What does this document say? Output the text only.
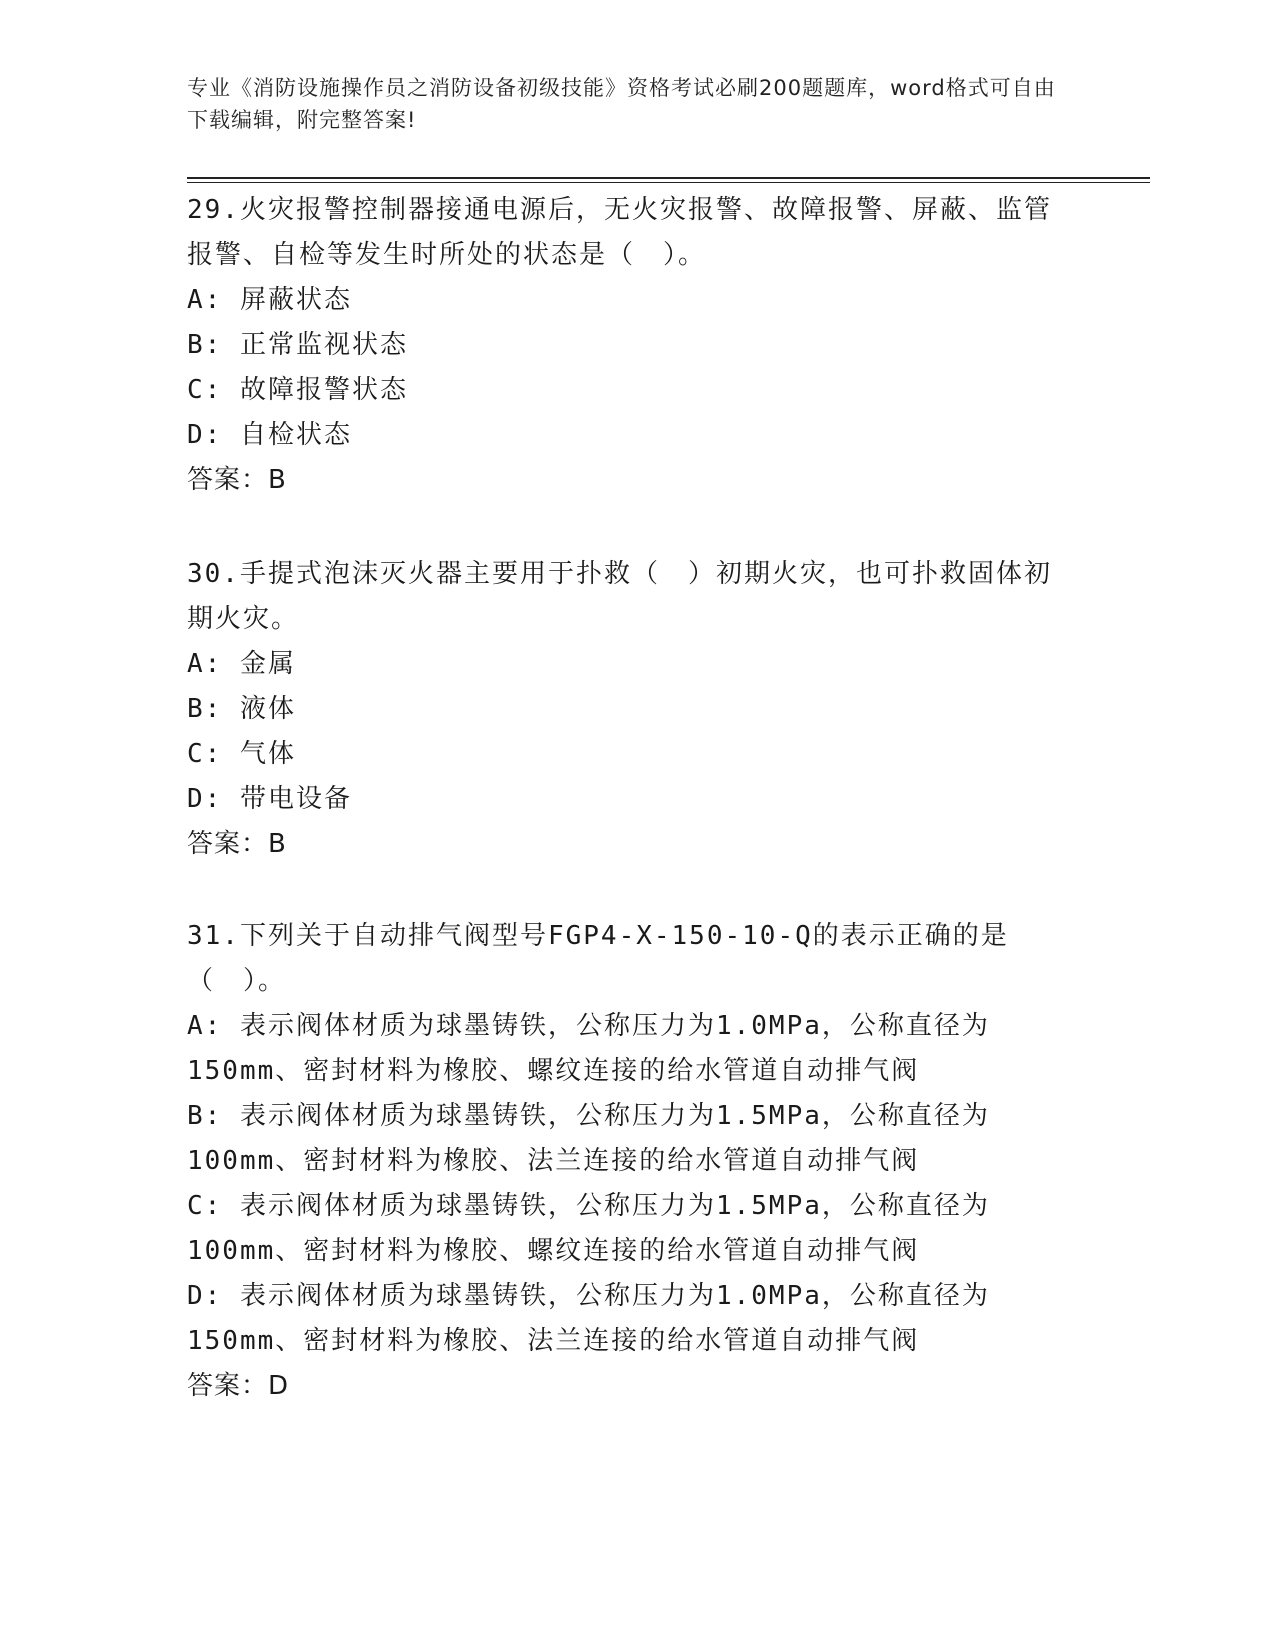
专业《消防设施操作员之消防设备初级技能》资格考试必刷200题题库，word格式可自由下载编辑，附完整答案!

29.火灾报警控制器接通电源后，无火灾报警、故障报警、屏蔽、监管报警、自检等发生时所处的状态是（　）。

A: 屏蔽状态

B: 正常监视状态

C: 故障报警状态

D: 自检状态

答案：B

30.手提式泡沫灭火器主要用于扑救（　）初期火灾，也可扑救固体初期火灾。

A: 金属

B: 液体

C: 气体

D: 带电设备

答案：B

31.下列关于自动排气阀型号FGP4-X-150-10-Q的表示正确的是（　）。

A: 表示阀体材质为球墨铸铁，公称压力为1.0MPa，公称直径为150mm、密封材料为橡胶、螺纹连接的给水管道自动排气阀

B: 表示阀体材质为球墨铸铁，公称压力为1.5MPa，公称直径为100mm、密封材料为橡胶、法兰连接的给水管道自动排气阀

C: 表示阀体材质为球墨铸铁，公称压力为1.5MPa，公称直径为100mm、密封材料为橡胶、螺纹连接的给水管道自动排气阀

D: 表示阀体材质为球墨铸铁，公称压力为1.0MPa，公称直径为150mm、密封材料为橡胶、法兰连接的给水管道自动排气阀

答案：D
